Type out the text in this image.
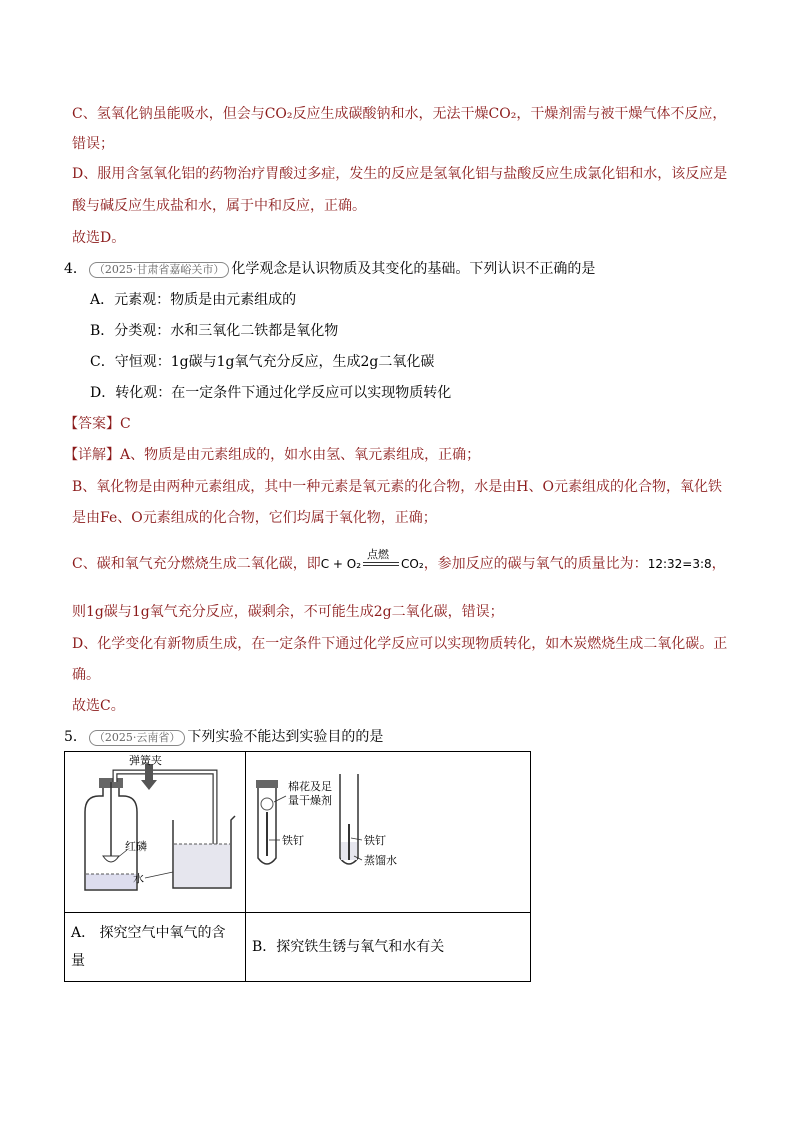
C、氢氧化钠虽能吸水，但会与CO₂反应生成碳酸钠和水，无法干燥CO₂，干燥剂需与被干燥气体不反应，
错误；
D、服用含氢氧化铝的药物治疗胃酸过多症，发生的反应是氢氧化铝与盐酸反应生成氯化铝和水，该反应是
酸与碱反应生成盐和水，属于中和反应，正确。
故选D。
4． （2025·甘肃省嘉峪关市） 化学观念是认识物质及其变化的基础。下列认识不正确的是
A．元素观：物质是由元素组成的
B．分类观：水和三氧化二铁都是氧化物
C．守恒观：1g碳与1g氧气充分反应，生成2g二氧化碳
D．转化观：在一定条件下通过化学反应可以实现物质转化
【答案】C
【详解】A、物质是由元素组成的，如水由氢、氧元素组成，正确；
B、氧化物是由两种元素组成，其中一种元素是氧元素的化合物，水是由H、O元素组成的化合物，氧化铁
是由Fe、O元素组成的化合物，它们均属于氧化物，正确；
C、碳和氧气充分燃烧生成二氧化碳，即C + O₂
点燃
CO₂，参加反应的碳与氧气的质量比为：12:32=3:8，
则1g碳与1g氧气充分反应，碳剩余，不可能生成2g二氧化碳，错误；
D、化学变化有新物质生成，在一定条件下通过化学反应可以实现物质转化，如木炭燃烧生成二氧化碳。正
确。
故选C。
5． （2025·云南省） 下列实验不能达到实验目的的是
弹簧夹
红磷
水	棉花及足
量干燥剂
铁钉 铁钉
蒸馏水

A． 探究空气中氧气的含
量	B．探究铁生锈与氧气和水有关
